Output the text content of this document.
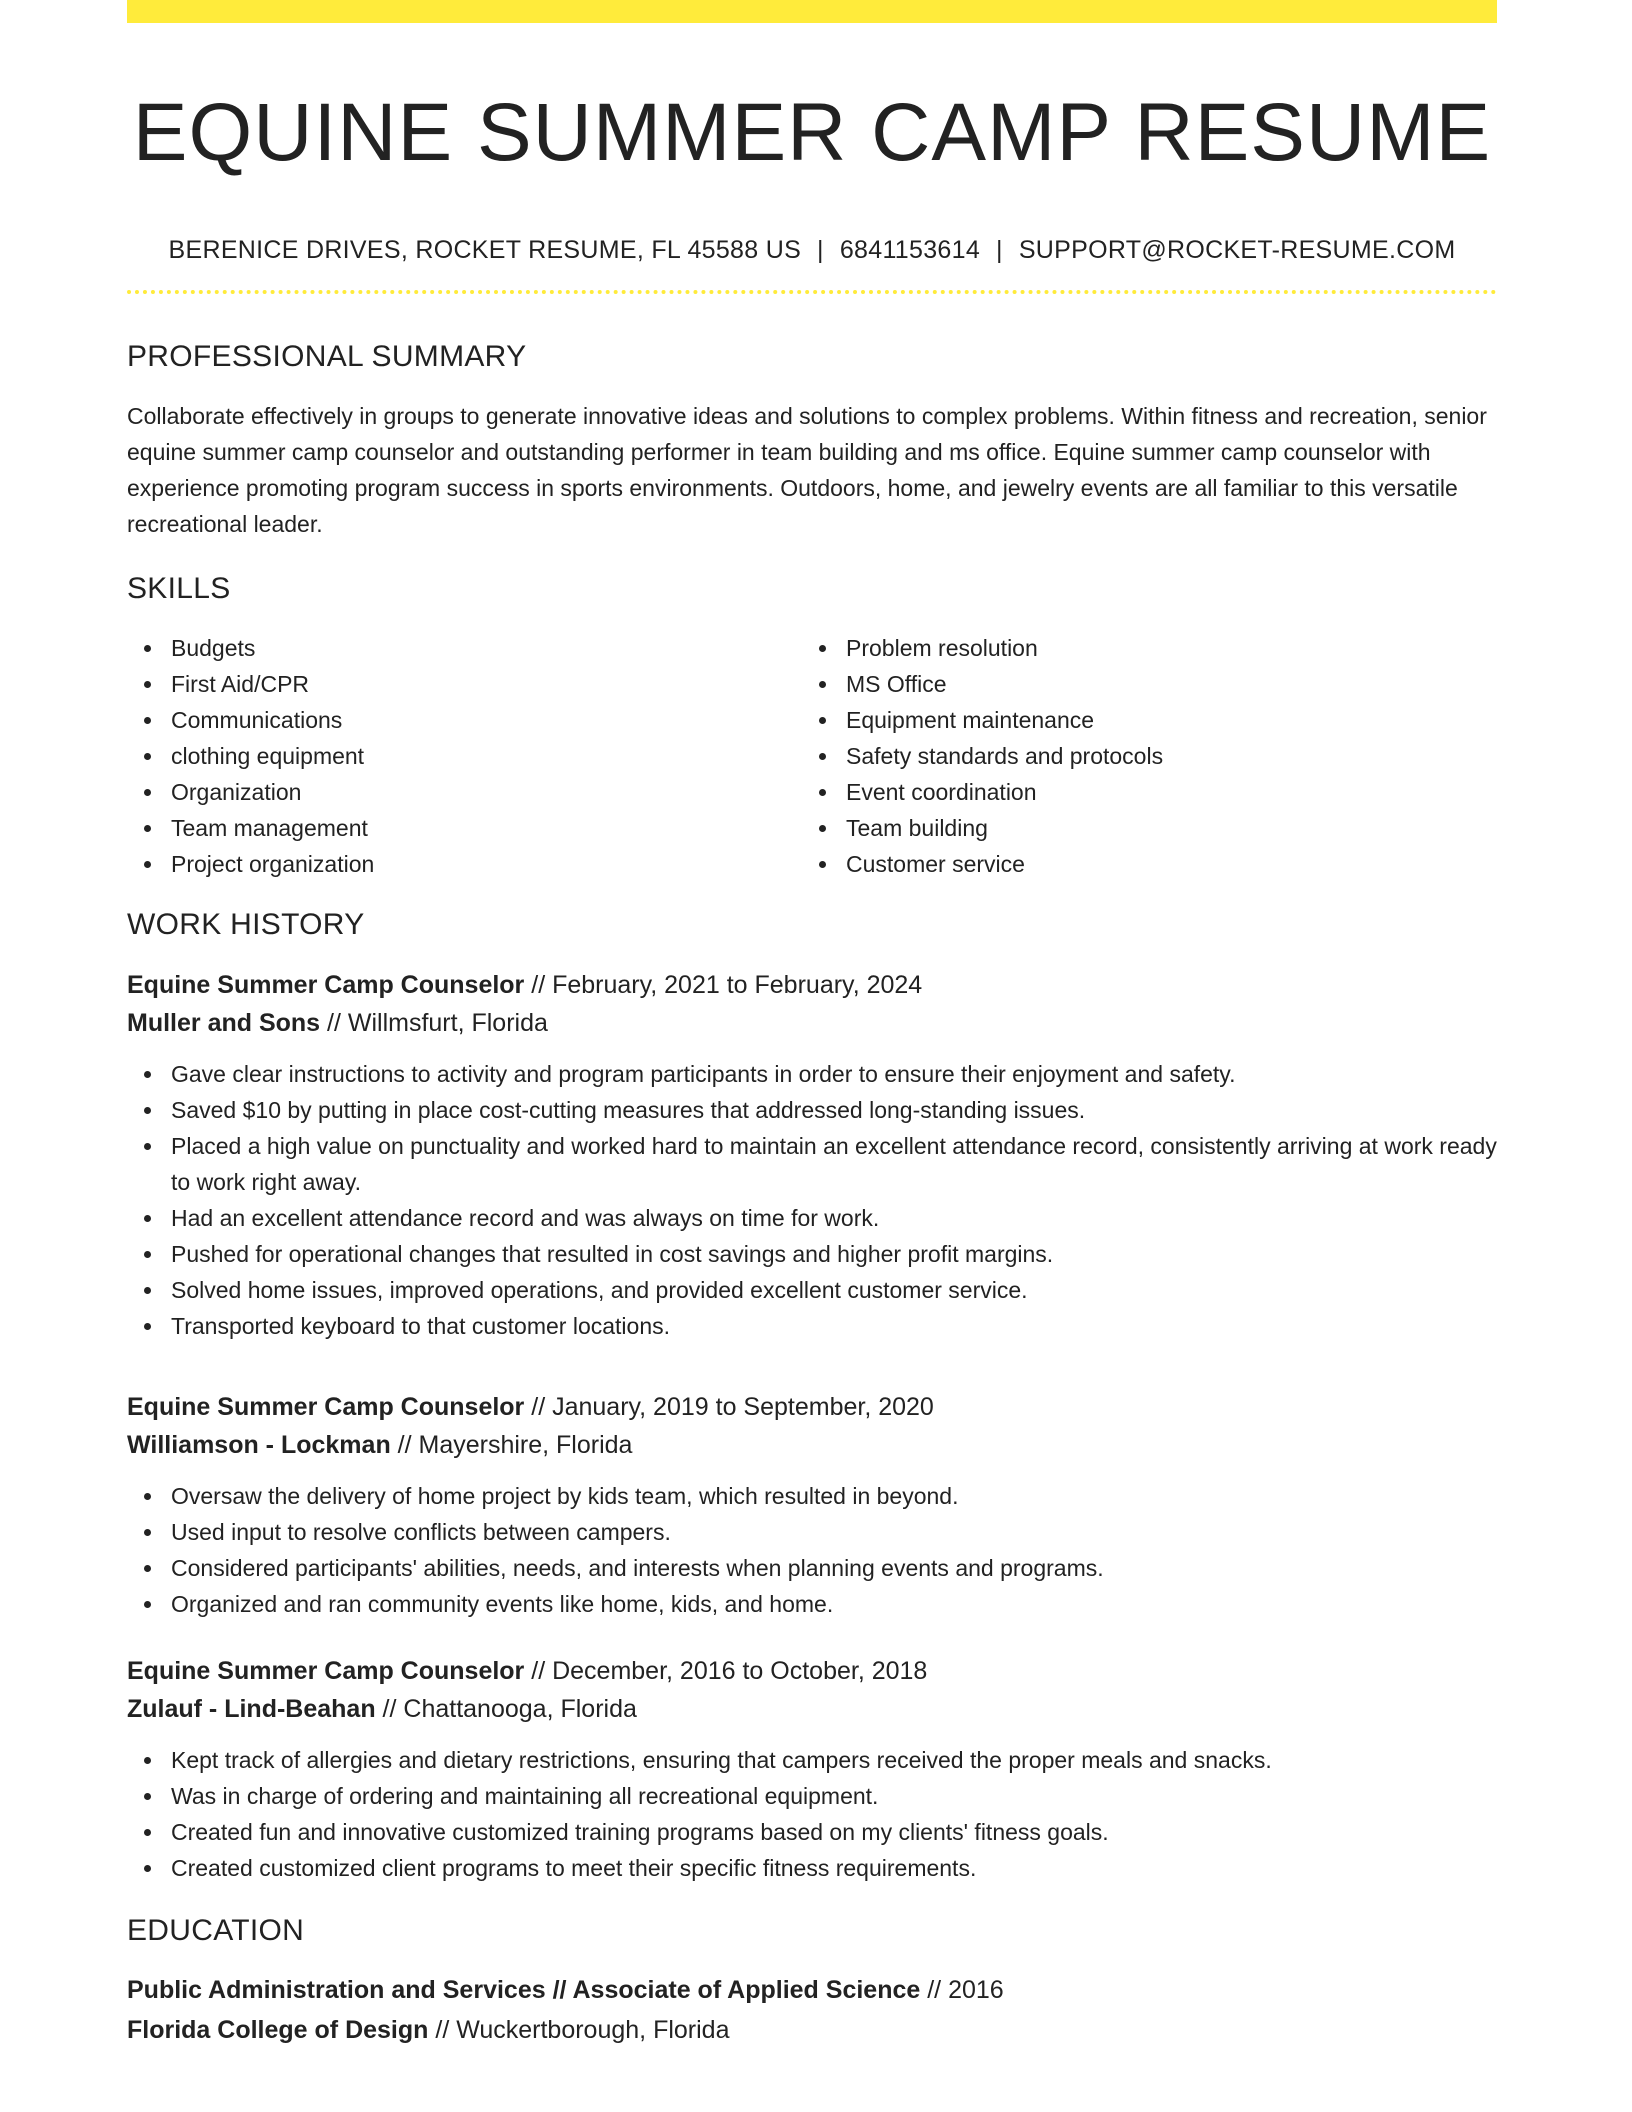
EQUINE SUMMER CAMP RESUME
BERENICE DRIVES, ROCKET RESUME, FL 45588 US | 6841153614 | SUPPORT@ROCKET-RESUME.COM
PROFESSIONAL SUMMARY
Collaborate effectively in groups to generate innovative ideas and solutions to complex problems. Within fitness and recreation, senior equine summer camp counselor and outstanding performer in team building and ms office. Equine summer camp counselor with experience promoting program success in sports environments. Outdoors, home, and jewelry events are all familiar to this versatile recreational leader.
SKILLS
Budgets
First Aid/CPR
Communications
clothing equipment
Organization
Team management
Project organization
Problem resolution
MS Office
Equipment maintenance
Safety standards and protocols
Event coordination
Team building
Customer service
WORK HISTORY
Equine Summer Camp Counselor // February, 2021 to February, 2024
Muller and Sons // Willmsfurt, Florida
Gave clear instructions to activity and program participants in order to ensure their enjoyment and safety.
Saved $10 by putting in place cost-cutting measures that addressed long-standing issues.
Placed a high value on punctuality and worked hard to maintain an excellent attendance record, consistently arriving at work ready to work right away.
Had an excellent attendance record and was always on time for work.
Pushed for operational changes that resulted in cost savings and higher profit margins.
Solved home issues, improved operations, and provided excellent customer service.
Transported keyboard to that customer locations.
Equine Summer Camp Counselor // January, 2019 to September, 2020
Williamson - Lockman // Mayershire, Florida
Oversaw the delivery of home project by kids team, which resulted in beyond.
Used input to resolve conflicts between campers.
Considered participants' abilities, needs, and interests when planning events and programs.
Organized and ran community events like home, kids, and home.
Equine Summer Camp Counselor // December, 2016 to October, 2018
Zulauf - Lind-Beahan // Chattanooga, Florida
Kept track of allergies and dietary restrictions, ensuring that campers received the proper meals and snacks.
Was in charge of ordering and maintaining all recreational equipment.
Created fun and innovative customized training programs based on my clients' fitness goals.
Created customized client programs to meet their specific fitness requirements.
EDUCATION
Public Administration and Services // Associate of Applied Science // 2016
Florida College of Design // Wuckertborough, Florida
